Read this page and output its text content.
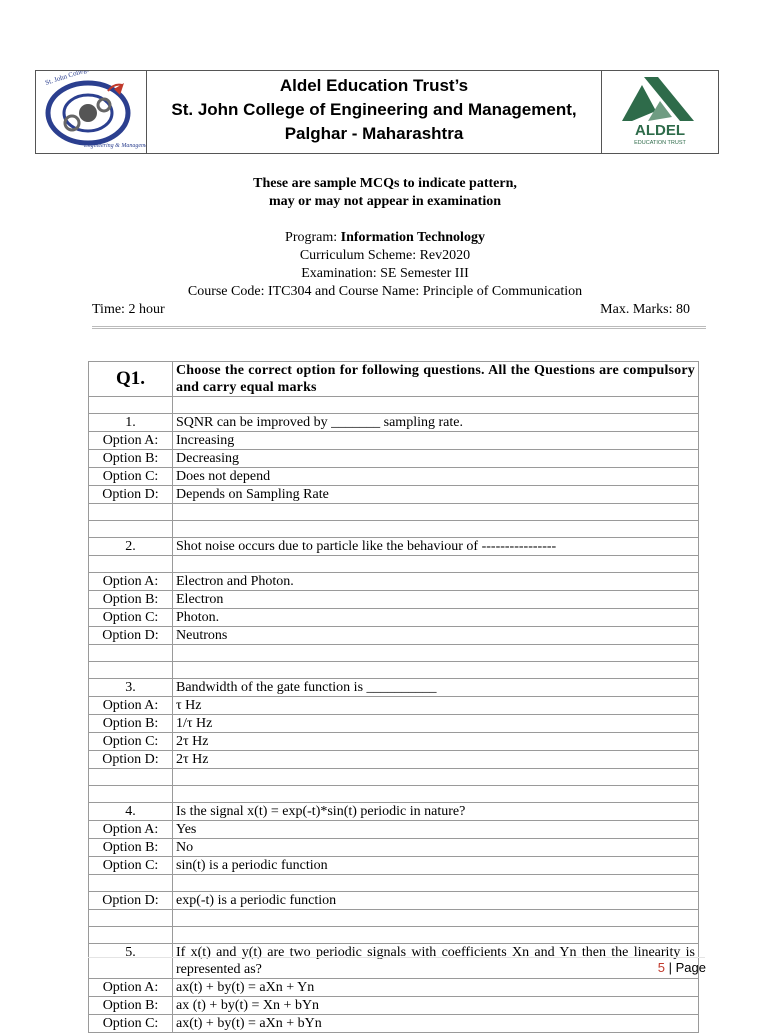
St. John College of
Engineering & Management
Aldel Education Trust’s
St. John College of Engineering and Management,
Palghar - Maharashtra	ALDEL
EDUCATION TRUST
These are sample MCQs to indicate pattern,
may or may not appear in examination
Program: Information Technology
Curriculum Scheme: Rev2020
Examination: SE Semester III
Course Code: ITC304 and Course Name: Principle of Communication
Time: 2 hour	Max. Marks: 80
Q1.	Choose the correct option for following questions. All the Questions are compulsory and carry equal marks

1.	SQNR can be improved by _______ sampling rate.
Option A:	Increasing
Option B:	Decreasing
Option C:	Does not depend
Option D:	Depends on Sampling Rate

2.	Shot noise occurs due to particle like the behaviour of ----------------

Option A:	Electron and Photon.
Option B:	Electron
Option C:	Photon.
Option D:	Neutrons

3.	Bandwidth of the gate function is __________
Option A:	τ Hz
Option B:	1/τ Hz
Option C:	2τ Hz
Option D:	2τ Hz

4.	Is the signal x(t) = exp(-t)*sin(t) periodic in nature?
Option A:	Yes
Option B:	No
Option C:	sin(t) is a periodic function

Option D:	exp(-t) is a periodic function

5.	If x(t) and y(t) are two periodic signals with coefficients Xn and Yn then the linearity is represented as?
Option A:	ax(t) + by(t) = aXn + Yn
Option B:	ax (t) + by(t) = Xn + bYn
Option C:	ax(t) + by(t) = aXn + bYn
5 | Page
